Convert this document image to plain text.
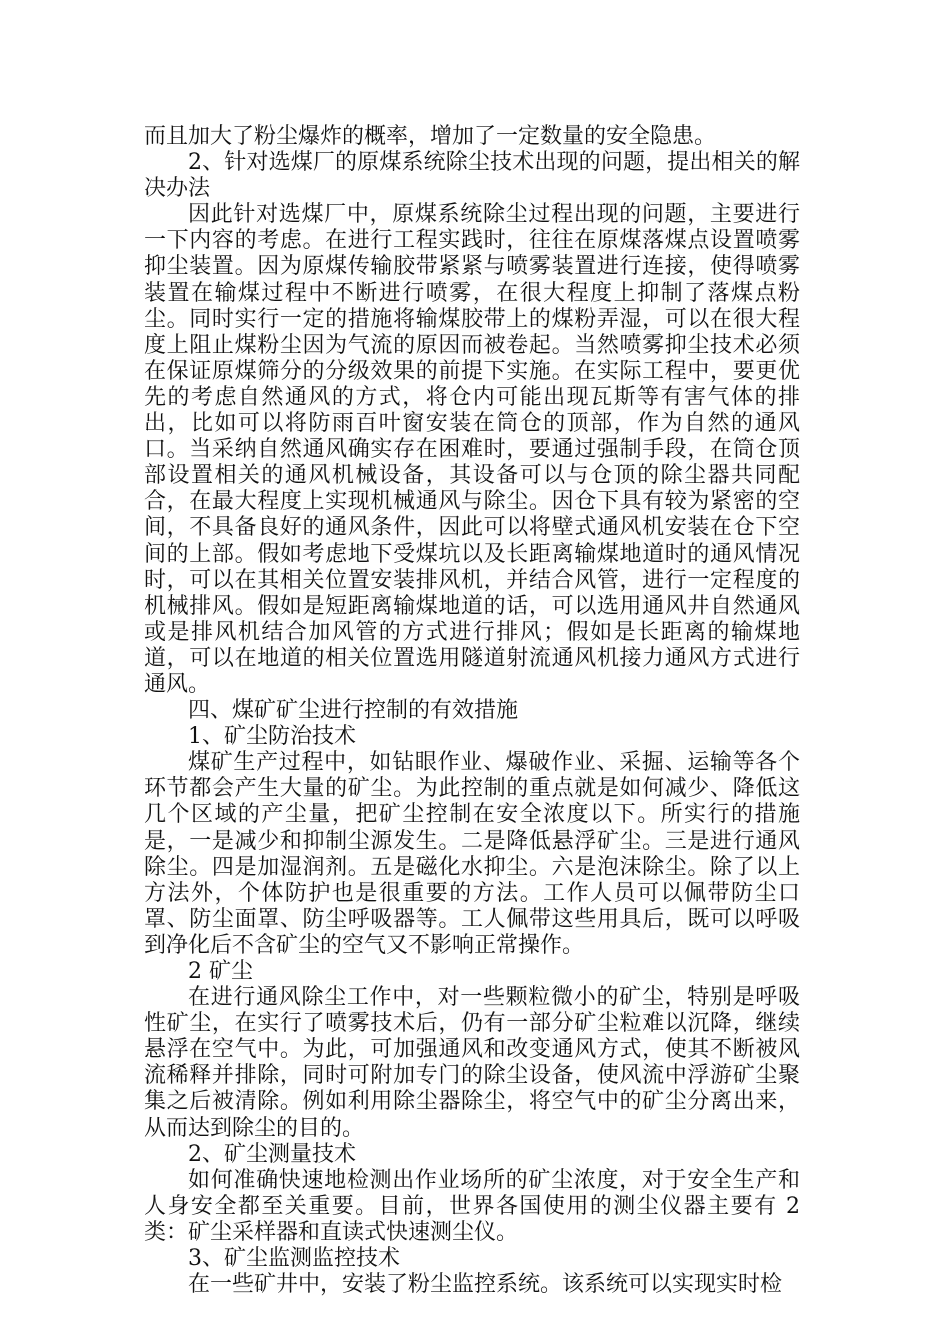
而且加大了粉尘爆炸的概率，增加了一定数量的安全隐患。

2、针对选煤厂的原煤系统除尘技术出现的问题，提出相关的解决办法

因此针对选煤厂中，原煤系统除尘过程出现的问题，主要进行一下内容的考虑。在进行工程实践时，往往在原煤落煤点设置喷雾抑尘装置。因为原煤传输胶带紧紧与喷雾装置进行连接，使得喷雾装置在输煤过程中不断进行喷雾，在很大程度上抑制了落煤点粉尘。同时实行一定的措施将输煤胶带上的煤粉弄湿，可以在很大程度上阻止煤粉尘因为气流的原因而被卷起。当然喷雾抑尘技术必须在保证原煤筛分的分级效果的前提下实施。在实际工程中，要更优先的考虑自然通风的方式，将仓内可能出现瓦斯等有害气体的排出，比如可以将防雨百叶窗安装在筒仓的顶部，作为自然的通风口。当采纳自然通风确实存在困难时，要通过强制手段，在筒仓顶部设置相关的通风机械设备，其设备可以与仓顶的除尘器共同配合，在最大程度上实现机械通风与除尘。因仓下具有较为紧密的空间，不具备良好的通风条件，因此可以将壁式通风机安装在仓下空间的上部。假如考虑地下受煤坑以及长距离输煤地道时的通风情况时，可以在其相关位置安装排风机，并结合风管，进行一定程度的机械排风。假如是短距离输煤地道的话，可以选用通风井自然通风或是排风机结合加风管的方式进行排风；假如是长距离的输煤地道，可以在地道的相关位置选用隧道射流通风机接力通风方式进行通风。

四、煤矿矿尘进行控制的有效措施

1、矿尘防治技术

煤矿生产过程中，如钻眼作业、爆破作业、采掘、运输等各个环节都会产生大量的矿尘。为此控制的重点就是如何减少、降低这几个区域的产尘量，把矿尘控制在安全浓度以下。所实行的措施是，一是减少和抑制尘源发生。二是降低悬浮矿尘。三是进行通风除尘。四是加湿润剂。五是磁化水抑尘。六是泡沫除尘。除了以上方法外，个体防护也是很重要的方法。工作人员可以佩带防尘口罩、防尘面罩、防尘呼吸器等。工人佩带这些用具后，既可以呼吸到净化后不含矿尘的空气又不影响正常操作。

2 矿尘

在进行通风除尘工作中，对一些颗粒微小的矿尘，特别是呼吸性矿尘，在实行了喷雾技术后，仍有一部分矿尘粒难以沉降，继续悬浮在空气中。为此，可加强通风和改变通风方式，使其不断被风流稀释并排除，同时可附加专门的除尘设备，使风流中浮游矿尘聚集之后被清除。例如利用除尘器除尘，将空气中的矿尘分离出来，从而达到除尘的目的。

2、矿尘测量技术

如何准确快速地检测出作业场所的矿尘浓度，对于安全生产和人身安全都至关重要。目前，世界各国使用的测尘仪器主要有 2 类：矿尘采样器和直读式快速测尘仪。

3、矿尘监测监控技术

在一些矿井中，安装了粉尘监控系统。该系统可以实现实时检
